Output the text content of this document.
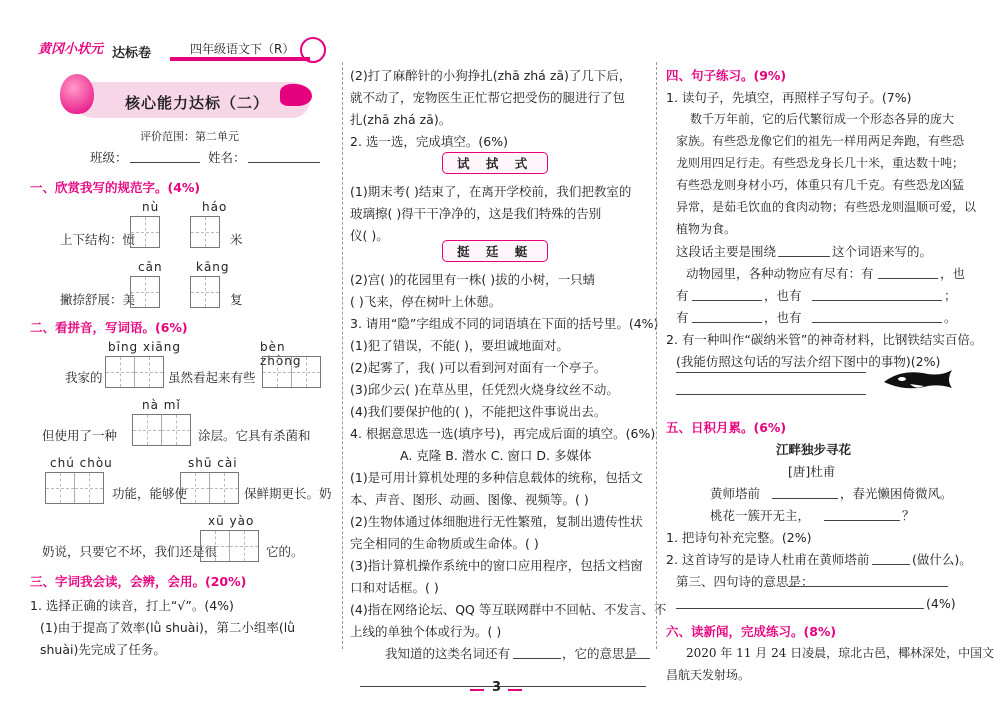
黄冈小状元 达标卷	四年级语文下（R）
核心能力达标（二）
评价范围：第二单元
班级：	姓名：
一、欣赏我写的规范字。(4%)
nù	háo
上下结构：愤	米
cān	kāng
撇捺舒展：美	复
二、看拼音，写词语。(6%)
bīng xiāng	bèn zhòng
我家的	虽然看起来有些
nà mǐ
但使用了一种	涂层。它具有杀菌和
chú chòu	shū cài
功能，能够使	保鲜期更长。奶
xū yào
奶说，只要它不坏，我们还是很	它的。
三、字词我会读，会辨，会用。(20%)
1. 选择正确的读音，打上“√”。(4%)
(1)由于提高了效率(lǜ shuài)，第二小组率(lǜ
shuài)先完成了任务。
(2)打了麻醉针的小狗挣扎(zhā zhá zā)了几下后，
就不动了，宠物医生正忙帮它把受伤的腿进行了包
扎(zhā zhá zā)。
2. 选一选，完成填空。(6%)
试 拭 式
(1)期末考( )结束了，在离开学校前，我们把教室的
玻璃擦( )得干干净净的，这是我们特殊的告别
仪( )。
挺 廷 蜓
(2)宫( )的花园里有一株( )拔的小树，一只蜻
( )飞来，停在树叶上休憩。
3. 请用“隐”字组成不同的词语填在下面的括号里。(4%)
(1)犯了错误，不能( )，要坦诚地面对。
(2)起雾了，我( )可以看到河对面有一个亭子。
(3)邱少云( )在草丛里，任凭烈火烧身纹丝不动。
(4)我们要保护他的( )，不能把这件事说出去。
4. 根据意思选一选(填序号)，再完成后面的填空。(6%)
A. 克隆 B. 潜水 C. 窗口 D. 多媒体
(1)是可用计算机处理的多种信息载体的统称，包括文
本、声音、图形、动画、图像、视频等。( )
(2)生物体通过体细胞进行无性繁殖，复制出遗传性状
完全相同的生命物质或生命体。( )
(3)指计算机操作系统中的窗口应用程序，包括文档窗
口和对话框。( )
(4)指在网络论坛、QQ 等互联网群中不回帖、不发言、不
上线的单独个体或行为。( )
我知道的这类名词还有	，它的意思是
四、句子练习。(9%)
1. 读句子，先填空，再照样子写句子。(7%)
数千万年前，它的后代繁衍成一个形态各异的庞大
家族。有些恐龙像它们的祖先一样用两足奔跑，有些恐
龙则用四足行走。有些恐龙身长几十米，重达数十吨；
有些恐龙则身材小巧，体重只有几千克。有些恐龙凶猛
异常，是茹毛饮血的食肉动物；有些恐龙则温顺可爱，以
植物为食。
这段话主要是围绕	这个词语来写的。
动物园里，各种动物应有尽有：有	，也
有	，也有	；
有	，也有	。
2. 有一种叫作“碳纳米管”的神奇材料，比钢铁结实百倍。
(我能仿照这句话的写法介绍下图中的事物)(2%)
五、日积月累。(6%)
江畔独步寻花
[唐]杜甫
黄师塔前	，春光懒困倚微风。
桃花一簇开无主，	？
1. 把诗句补充完整。(2%)
2. 这首诗写的是诗人杜甫在黄师塔前	(做什么)。
第三、四句诗的意思是：
(4%)
六、读新闻，完成练习。(8%)
2020 年 11 月 24 日凌晨，琼北古邑，椰林深处，中国文
昌航天发射场。
3
